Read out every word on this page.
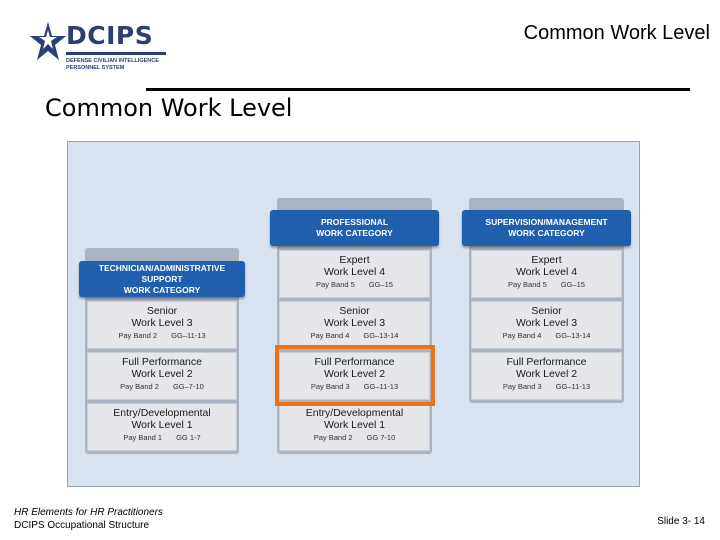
DCIPS
DEFENSE CIVILIAN INTELLIGENCE PERSONNEL SYSTEM
Common Work Level
Common Work Level
TECHNICIAN/ADMINISTRATIVE SUPPORT
WORK CATEGORY
Senior
Work Level 3
Pay Band 2 GG–11-13
Full Performance
Work Level 2
Pay Band 2 GG–7-10
Entry/Developmental
Work Level 1
Pay Band 1 GG 1-7
PROFESSIONAL
WORK CATEGORY
Expert
Work Level 4
Pay Band 5 GG–15
Senior
Work Level 3
Pay Band 4 GG–13-14
Full Performance
Work Level 2
Pay Band 3 GG–11-13
Entry/Developmental
Work Level 1
Pay Band 2 GG 7-10
SUPERVISION/MANAGEMENT
WORK CATEGORY
Expert
Work Level 4
Pay Band 5 GG–15
Senior
Work Level 3
Pay Band 4 GG–13-14
Full Performance
Work Level 2
Pay Band 3 GG–11-13
HR Elements for HR Practitioners
DCIPS Occupational Structure	Slide 3- 14
